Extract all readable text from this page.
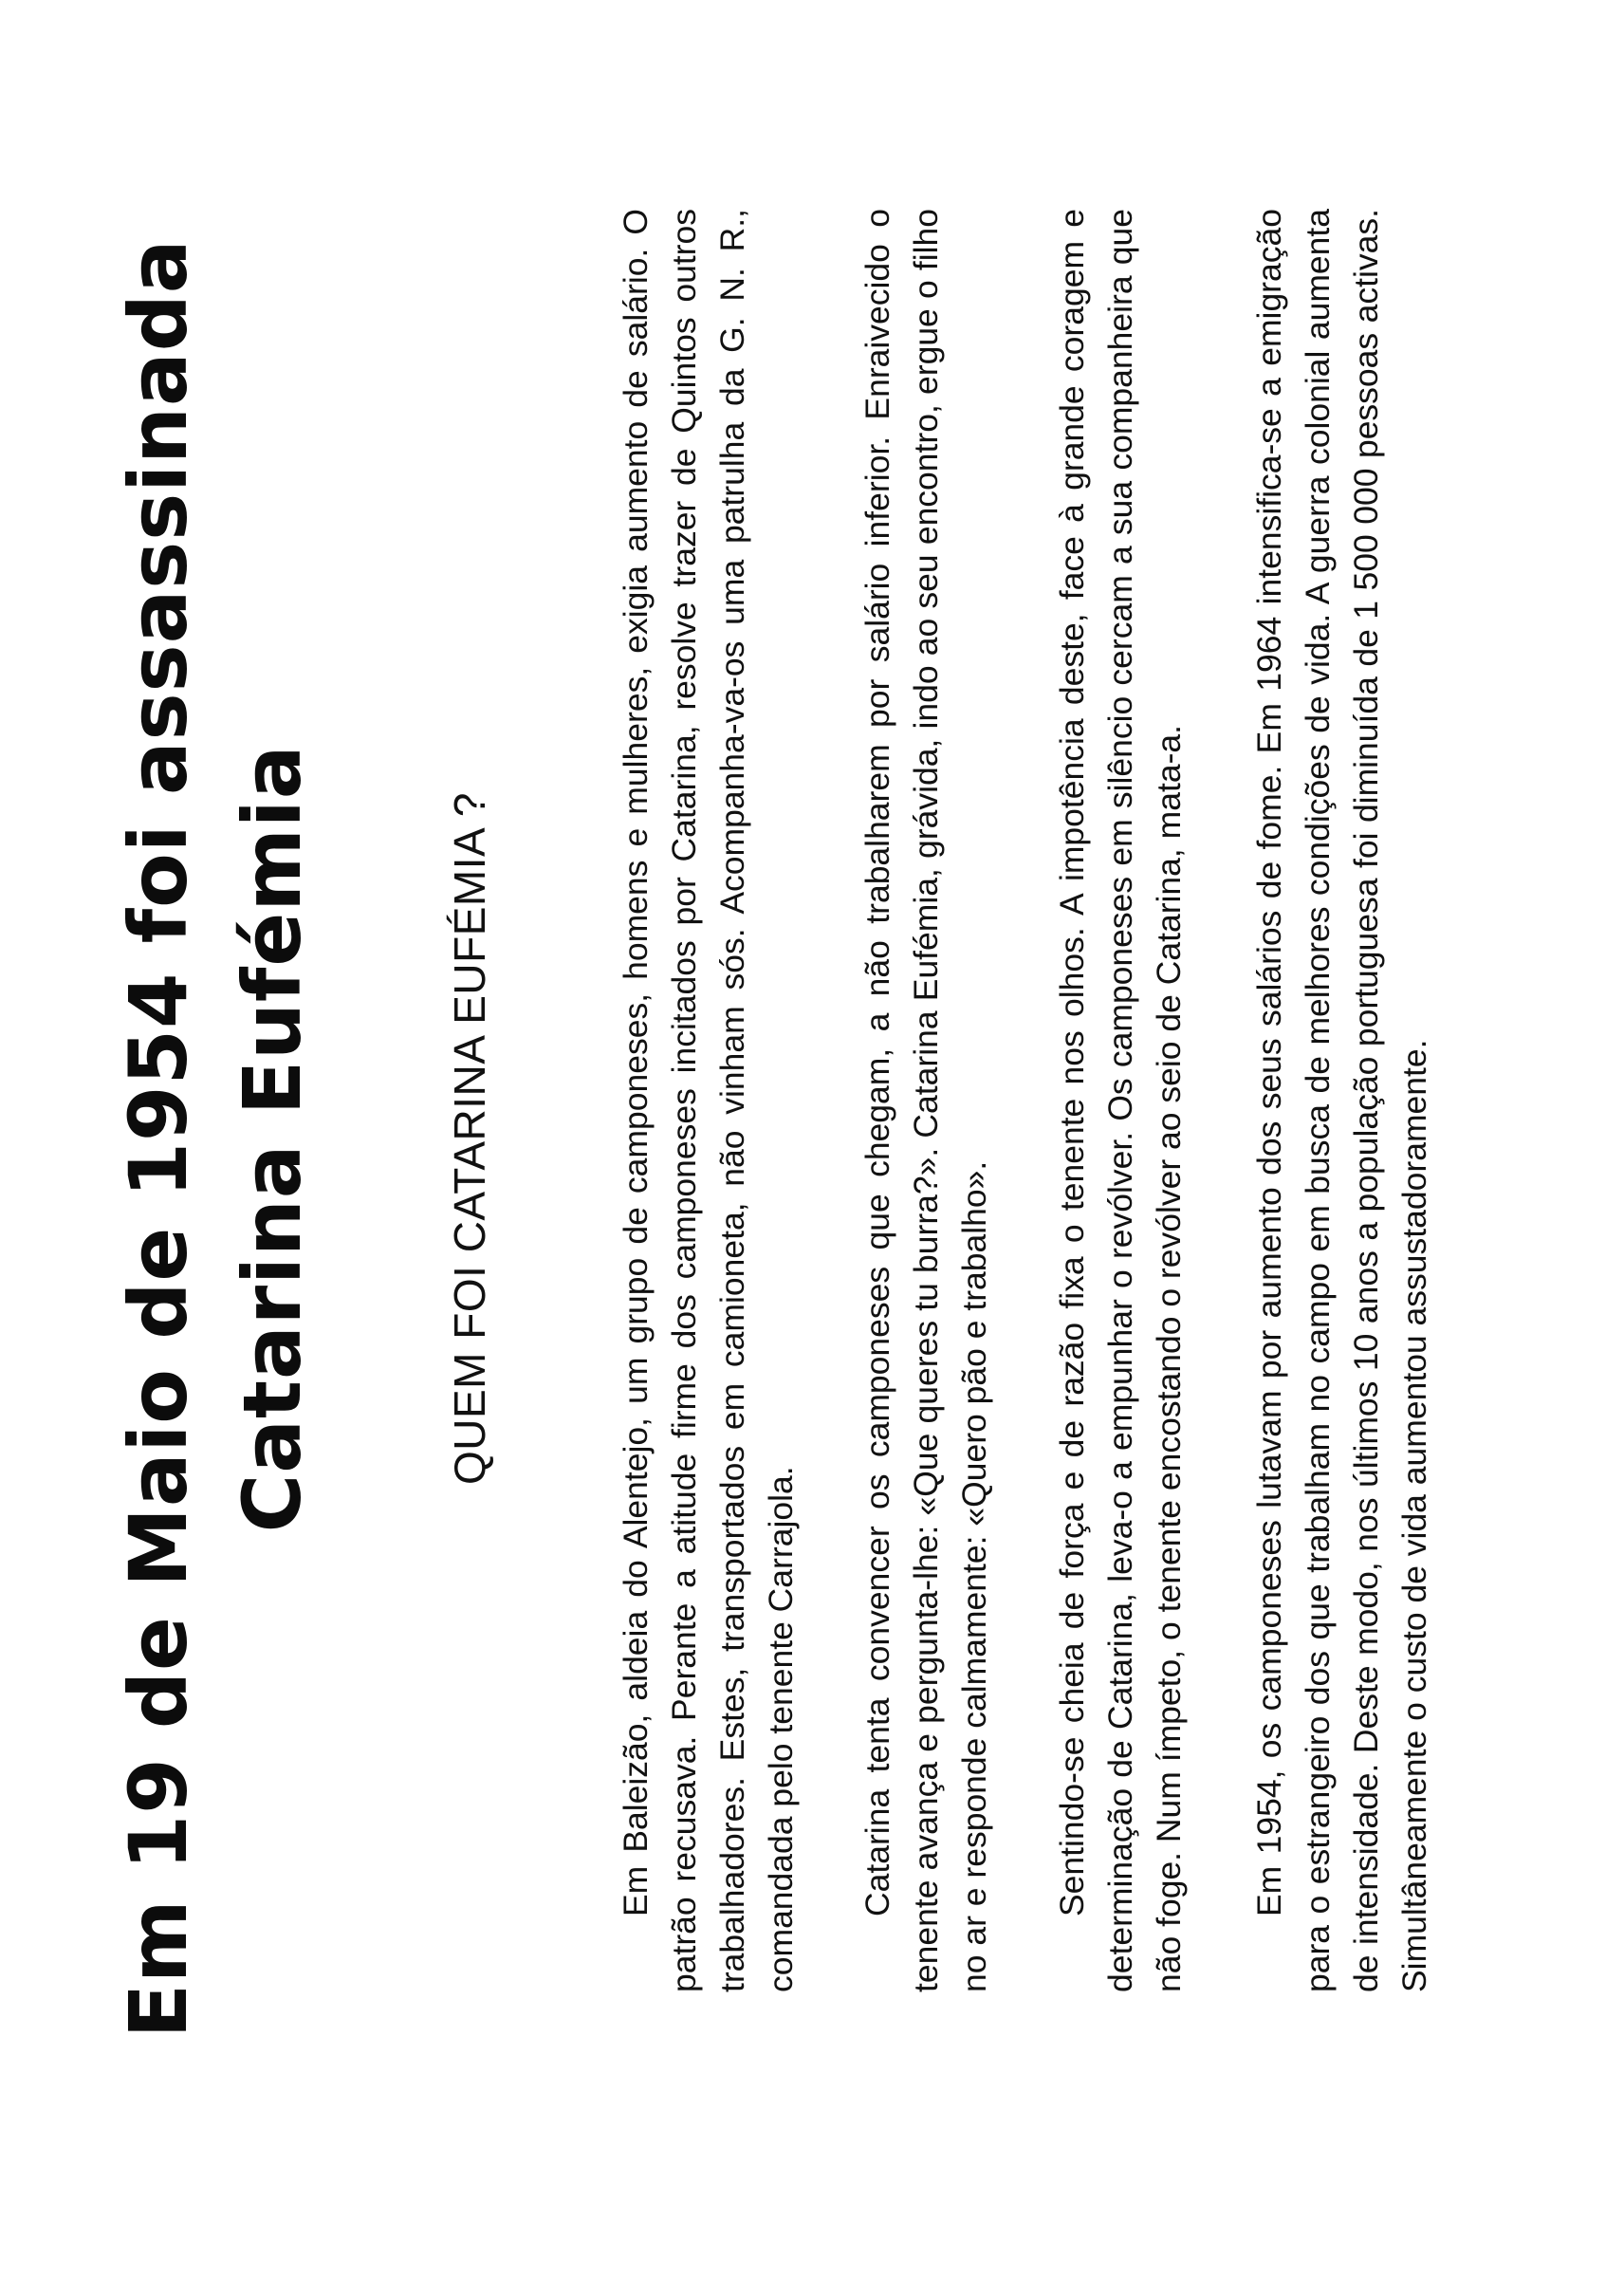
Em 19 de Maio de 1954 foi assassinada Catarina Eufémia	QUEM FOI CATARINA EUFÉMIA ?	Em Baleizão, aldeia do Alentejo, um grupo de camponeses, homens e mulheres, exigia aumento de salário. O patrão recusava. Perante a atitude firme dos camponeses incitados por Catarina, resolve trazer de Quintos outros trabalhadores. Estes, transportados em camioneta, não vinham sós. Acompanha-va-os uma patrulha da G. N. R., comandada pelo tenente Carrajola. Catarina tenta convencer os camponeses que chegam, a não trabalharem por salário inferior. Enraivecido o tenente avança e pergunta-lhe: «Que queres tu burra?». Catarina Eufémia, grávida, indo ao seu encontro, ergue o filho no ar e responde calmamente: «Quero pão e trabalho». Sentindo-se cheia de força e de razão fixa o tenente nos olhos. A impotência deste, face à grande coragem e determinação de Catarina, leva-o a empunhar o revólver. Os camponeses em silêncio cercam a sua companheira que não foge. Num ímpeto, o tenente encostando o revólver ao seio de Catarina, mata-a. Em 1954, os camponeses lutavam por aumento dos seus salários de fome. Em 1964 intensifica-se a emigração para o estrangeiro dos que trabalham no campo em busca de melhores condições de vida. A guerra colonial aumenta de intensidade. Deste modo, nos últimos 10 anos a população portuguesa foi diminuída de 1 500 000 pessoas activas. Simultâneamente o custo de vida aumentou assustadoramente.
